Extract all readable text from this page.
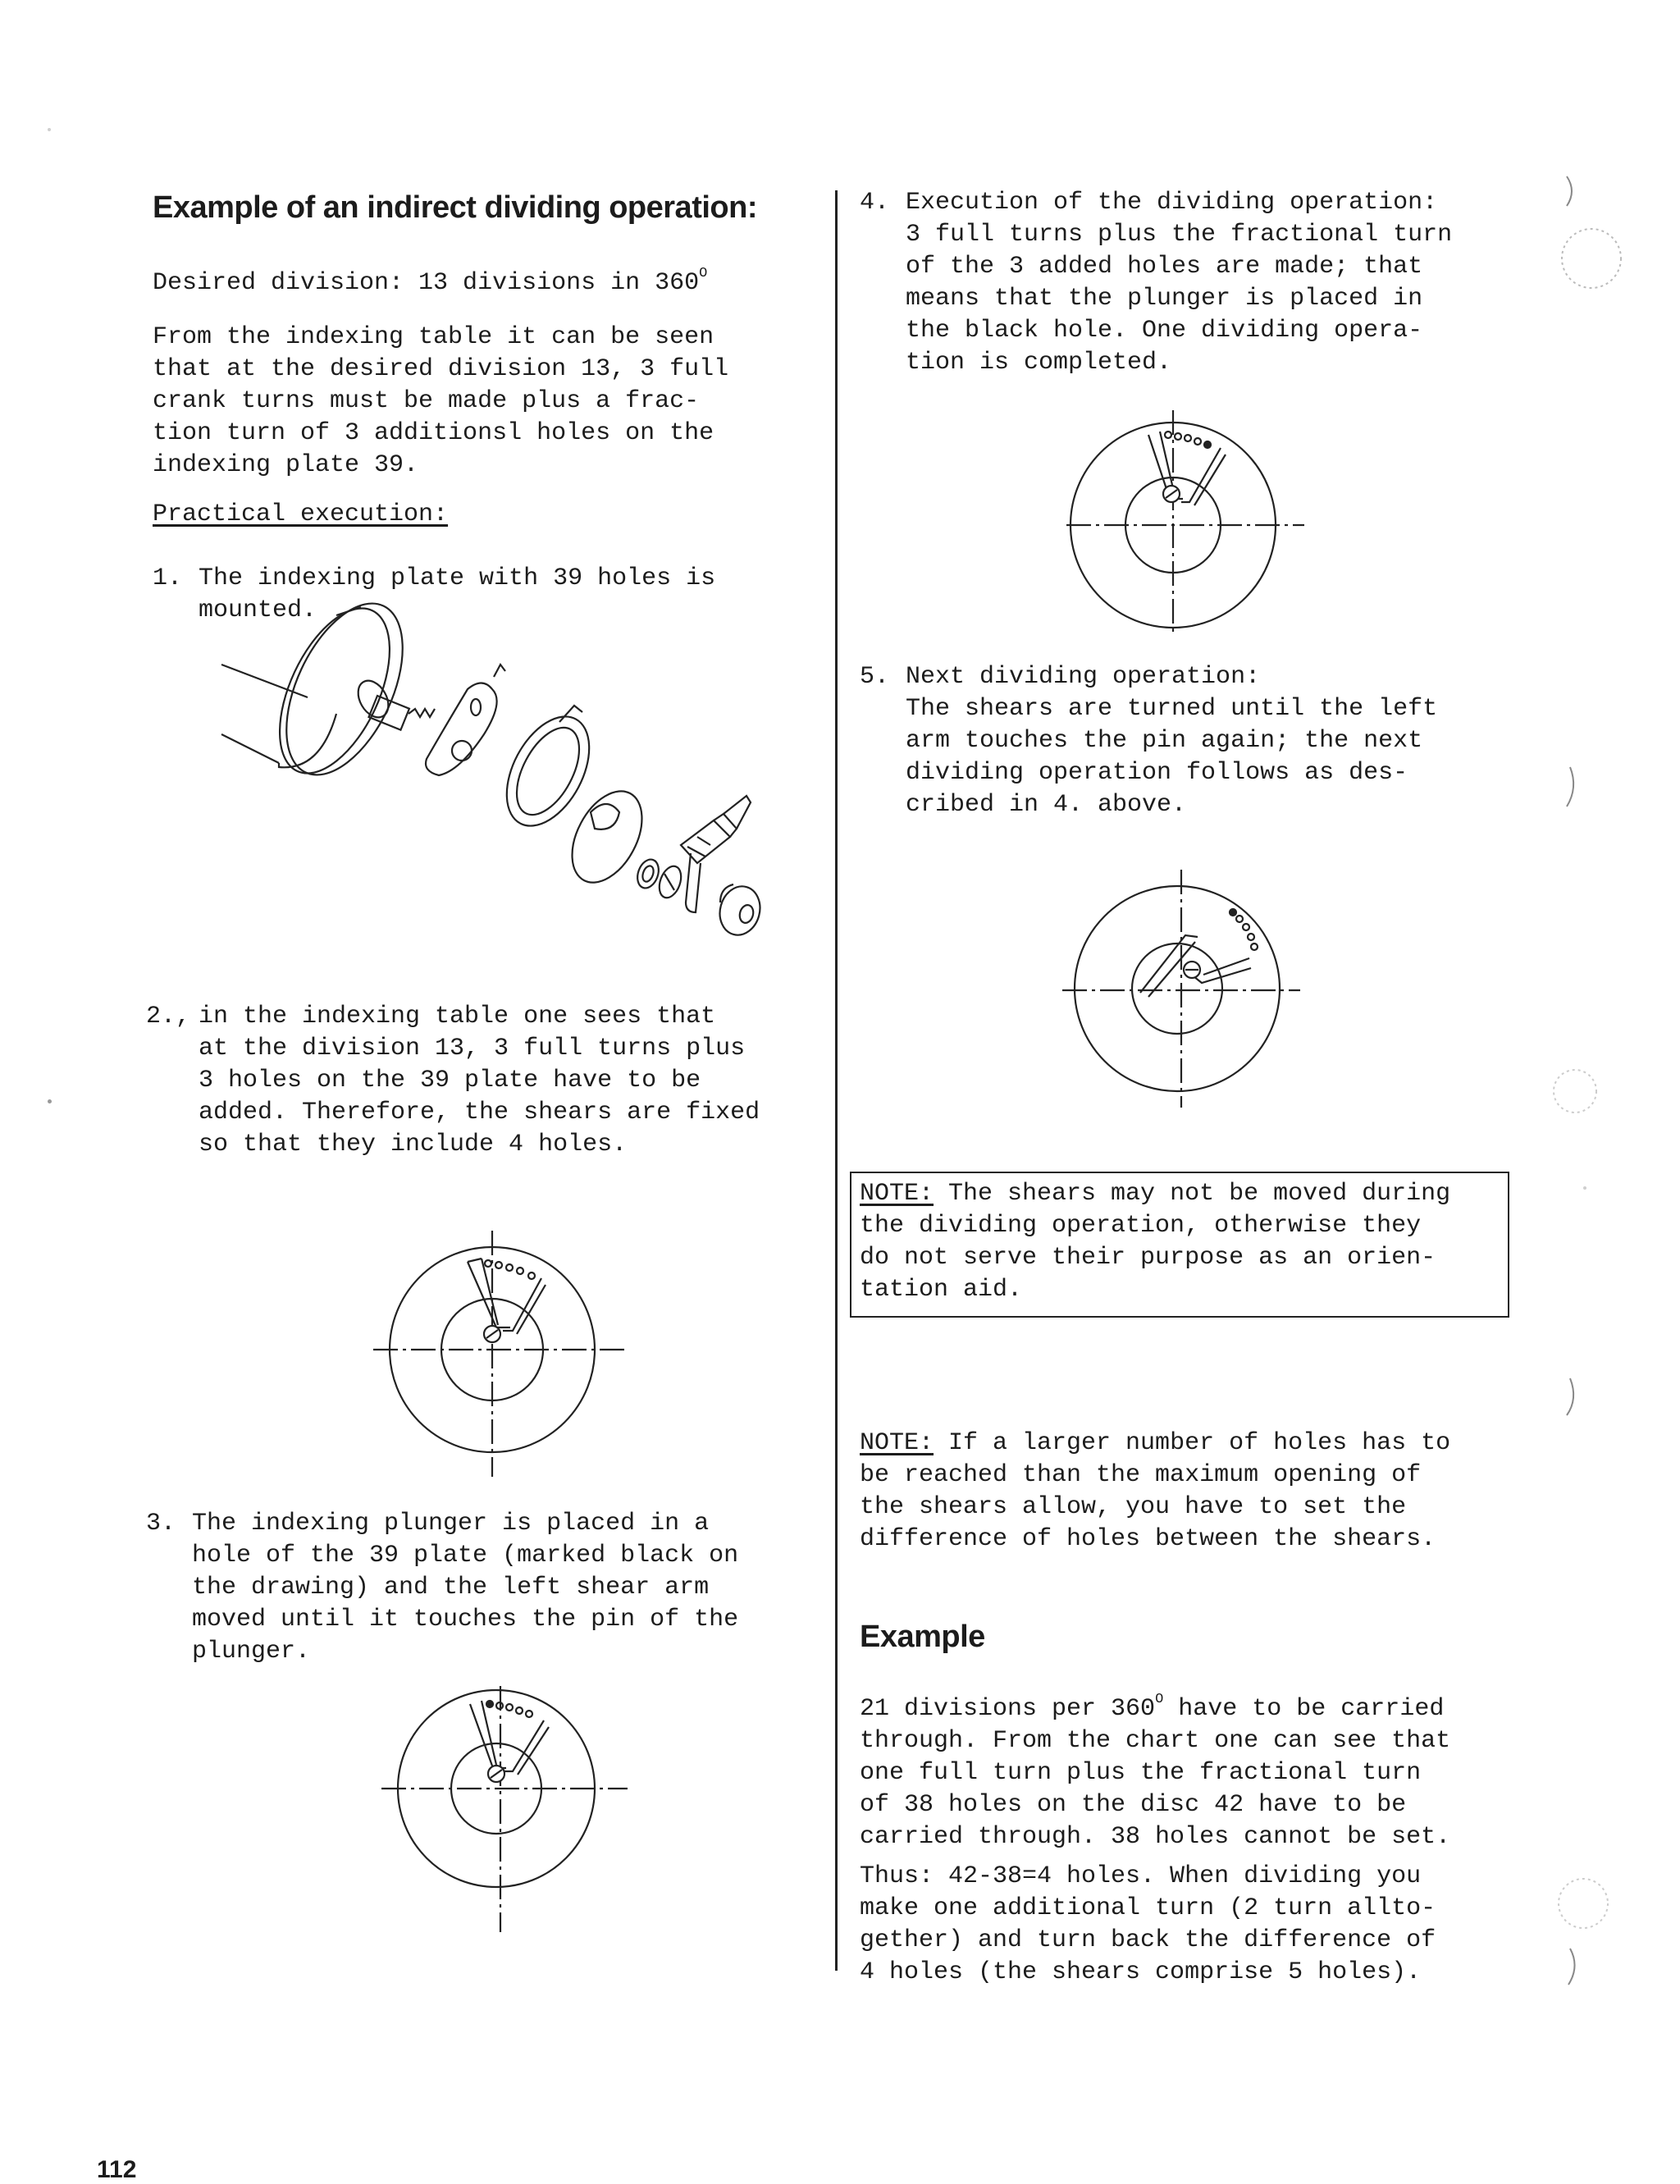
Example of an indirect dividing operation:
Desired division: 13 divisions in $360^O$
From the indexing table it can be seen
that at the desired division 13, 3 full
crank turns must be made plus a frac-
tion turn of 3 additionsl holes on the
indexing plate 39.
Practical execution:
1. The indexing plate with 39 holes is
mounted.
2., in the indexing table one sees that
at the division 13, 3 full turns plus
3 holes on the 39 plate have to be
added. Therefore, the shears are fixed
so that they include 4 holes.
3. The indexing plunger is placed in a
hole of the 39 plate (marked black on
the drawing) and the left shear arm
moved until it touches the pin of the
plunger.
4. Execution of the dividing operation:
3 full turns plus the fractional turn
of the 3 added holes are made; that
means that the plunger is placed in
the black hole. One dividing opera-
tion is completed.
5. Next dividing operation:
The shears are turned until the left
arm touches the pin again; the next
dividing operation follows as des-
cribed in 4. above.
NOTE: The shears may not be moved during
the dividing operation, otherwise they
do not serve their purpose as an orien-
tation aid.
NOTE: If a larger number of holes has to
be reached than the maximum opening of
the shears allow, you have to set the
difference of holes between the shears.
Example
21 divisions per $360^O$ have to be carried
through. From the chart one can see that
one full turn plus the fractional turn
of 38 holes on the disc 42 have to be
carried through. 38 holes cannot be set.
Thus: 42-38=4 holes. When dividing you
make one additional turn (2 turn allto-
gether) and turn back the difference of
4 holes (the shears comprise 5 holes).
112
